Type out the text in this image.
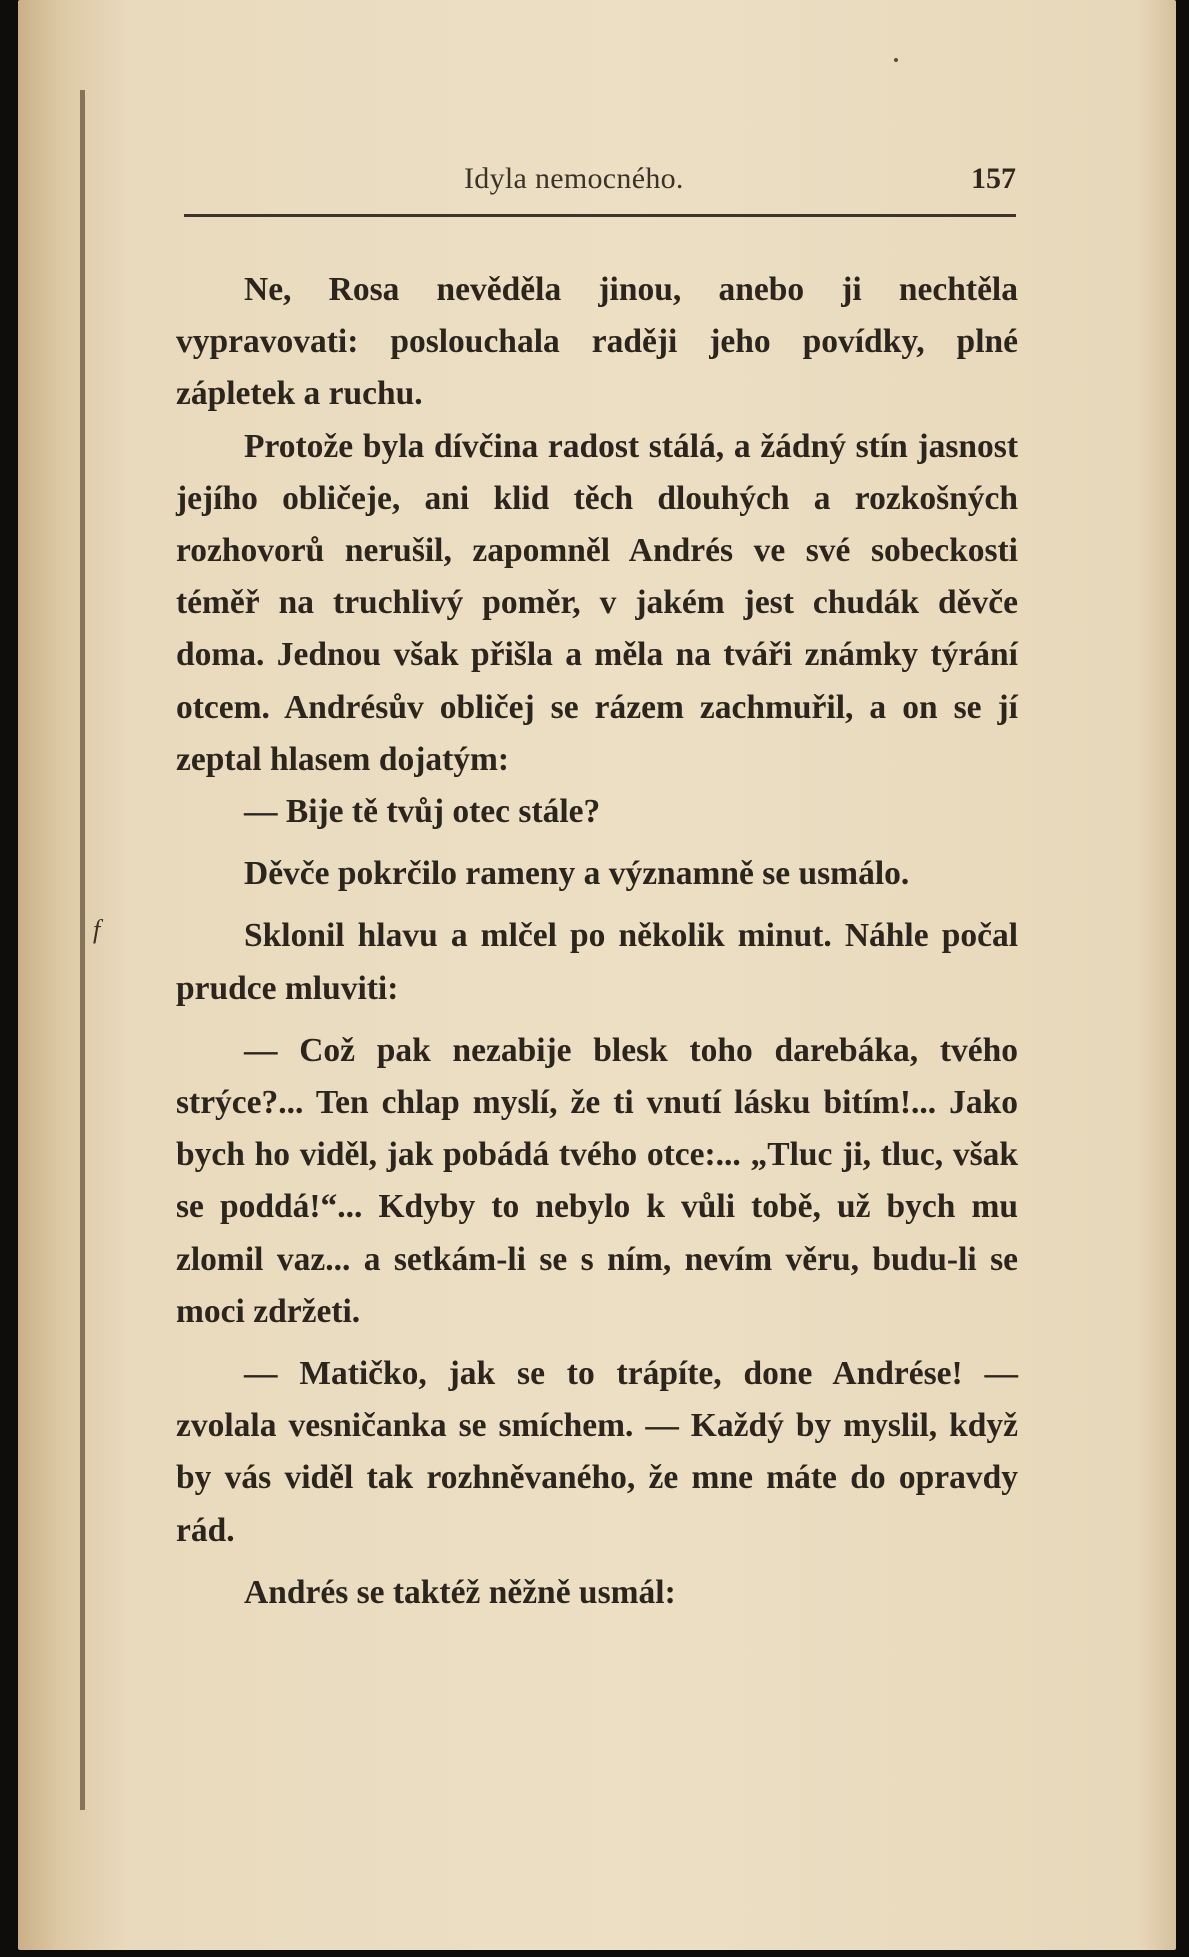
f
Idyla nemocného.	157

Ne, Rosa nevěděla jinou, anebo ji nechtěla vypravovati: poslouchala raději jeho povídky, plné zápletek a ruchu.

Protože byla dívčina radost stálá, a žádný stín jasnost jejího obličeje, ani klid těch dlouhých a rozkošných rozhovorů nerušil, zapomněl Andrés ve své sobeckosti téměř na truchlivý poměr, v jakém jest chudák děvče doma. Jednou však přišla a měla na tváři známky týrání otcem. Andrésův obličej se rázem zachmuřil, a on se jí zeptal hlasem dojatým:

— Bije tě tvůj otec stále?

Děvče pokrčilo rameny a významně se usmálo.

Sklonil hlavu a mlčel po několik minut. Náhle počal prudce mluviti:

— Což pak nezabije blesk toho darebáka, tvého strýce?... Ten chlap myslí, že ti vnutí lásku bitím!... Jako bych ho viděl, jak pobádá tvého otce:... „Tluc ji, tluc, však se poddá!“... Kdyby to nebylo k vůli tobě, už bych mu zlomil vaz... a setkám-li se s ním, nevím věru, budu-li se moci zdržeti.

— Matičko, jak se to trápíte, done Andrése! — zvolala vesničanka se smíchem. — Každý by myslil, když by vás viděl tak rozhněvaného, že mne máte do opravdy rád.

Andrés se taktéž něžně usmál:
